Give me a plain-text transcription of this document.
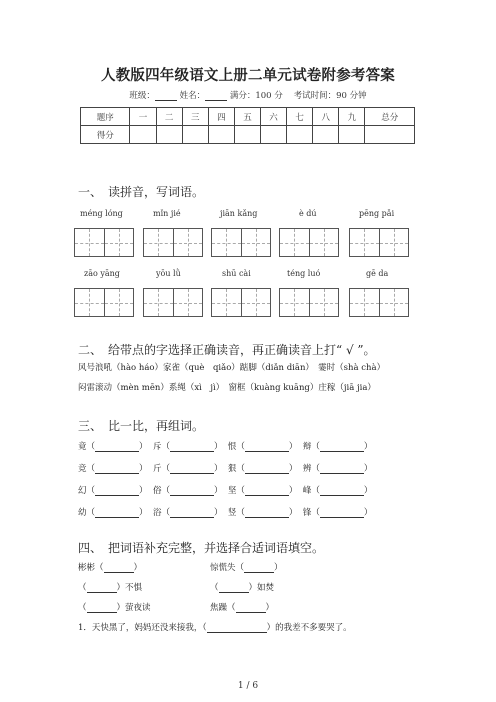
人教版四年级语文上册二单元试卷附参考答案
班级：	姓名：	满分：100 分 考试时间：90 分钟
题序	一	二	三	四	五	六	七	八	九	总分
得分										
一、　读拼音，写词语。
méng lóng	mǐn jié	jiān kǎng	è dú	pēng pǎi
zāo yāng	yōu lǜ	shū cài	téng luó	gē da
二、　给带点的字选择正确读音，再正确读音上打“ √ ”。
风号浪吼（hào háo）家雀（què　qiǎo）踮脚（diǎn diān）　霎时（shà chà）
闷雷滚动（mèn mēn）系绳（xì　jì）　窗框（kuàng kuāng）庄稼（jiā jia）
三、　比一比，再组词。
竟（	）  斥（	）  恨（	）  辩（	）
竞（	）  斤（	）  狠（	）  辨（	）
幻（	）  俗（	）  坚（	）  峰（	）
幼（	）  浴（	）  竖（	）  锋（	）
四、　把词语补充完整，并选择合适词语填空。
彬彬（	）	惊慌失（	）
（	）不惧	（	）如焚
（	）萤夜读	焦躁（	）
1．天快黑了，妈妈还没来接我，（	）的我差不多要哭了。
1 / 6
